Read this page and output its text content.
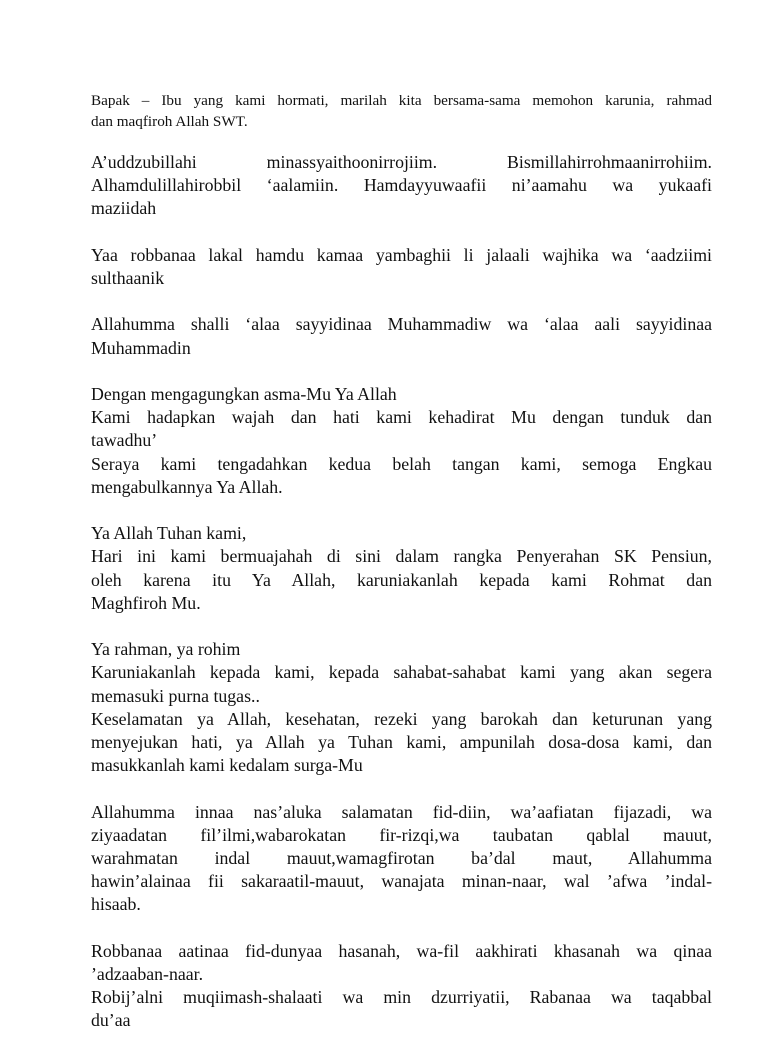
Bapak – Ibu yang kami hormati, marilah kita bersama-sama memohon karunia, rahmad
dan maqfiroh Allah SWT.

A’uddzubillahi minassyaithoonirrojiim. Bismillahirrohmaanirrohiim.
Alhamdulillahirobbil ‘aalamiin. Hamdayyuwaafii ni’aamahu wa yukaafi
maziidah

Yaa robbanaa lakal hamdu kamaa yambaghii li jalaali wajhika wa ‘aadziimi
sulthaanik

Allahumma shalli ‘alaa sayyidinaa Muhammadiw wa ‘alaa aali sayyidinaa
Muhammadin

Dengan mengagungkan asma-Mu Ya Allah
Kami hadapkan wajah dan hati kami kehadirat Mu dengan tunduk dan
tawadhu’
Seraya kami tengadahkan kedua belah tangan kami, semoga Engkau
mengabulkannya Ya Allah.

Ya Allah Tuhan kami,
Hari ini kami bermuajahah di sini dalam rangka Penyerahan SK Pensiun,
oleh karena itu Ya Allah, karuniakanlah kepada kami Rohmat dan
Maghfiroh Mu.

Ya rahman, ya rohim
Karuniakanlah kepada kami, kepada sahabat-sahabat kami yang akan segera
memasuki purna tugas..
Keselamatan ya Allah, kesehatan, rezeki yang barokah dan keturunan yang
menyejukan hati, ya Allah ya Tuhan kami, ampunilah dosa-dosa kami, dan
masukkanlah kami kedalam surga-Mu

Allahumma innaa nas’aluka salamatan fid-diin, wa’aafiatan fijazadi, wa
ziyaadatan fil’ilmi,wabarokatan fir-rizqi,wa taubatan qablal mauut,
warahmatan indal mauut,wamagfirotan ba’dal maut, Allahumma
hawin’alainaa fii sakaraatil-mauut, wanajata minan-naar, wal ’afwa ’indal-
hisaab.

Robbanaa aatinaa fid-dunyaa hasanah, wa-fil aakhirati khasanah wa qinaa
’adzaaban-naar.
Robij’alni muqiimash-shalaati wa min dzurriyatii, Rabanaa wa taqabbal
du’aa
